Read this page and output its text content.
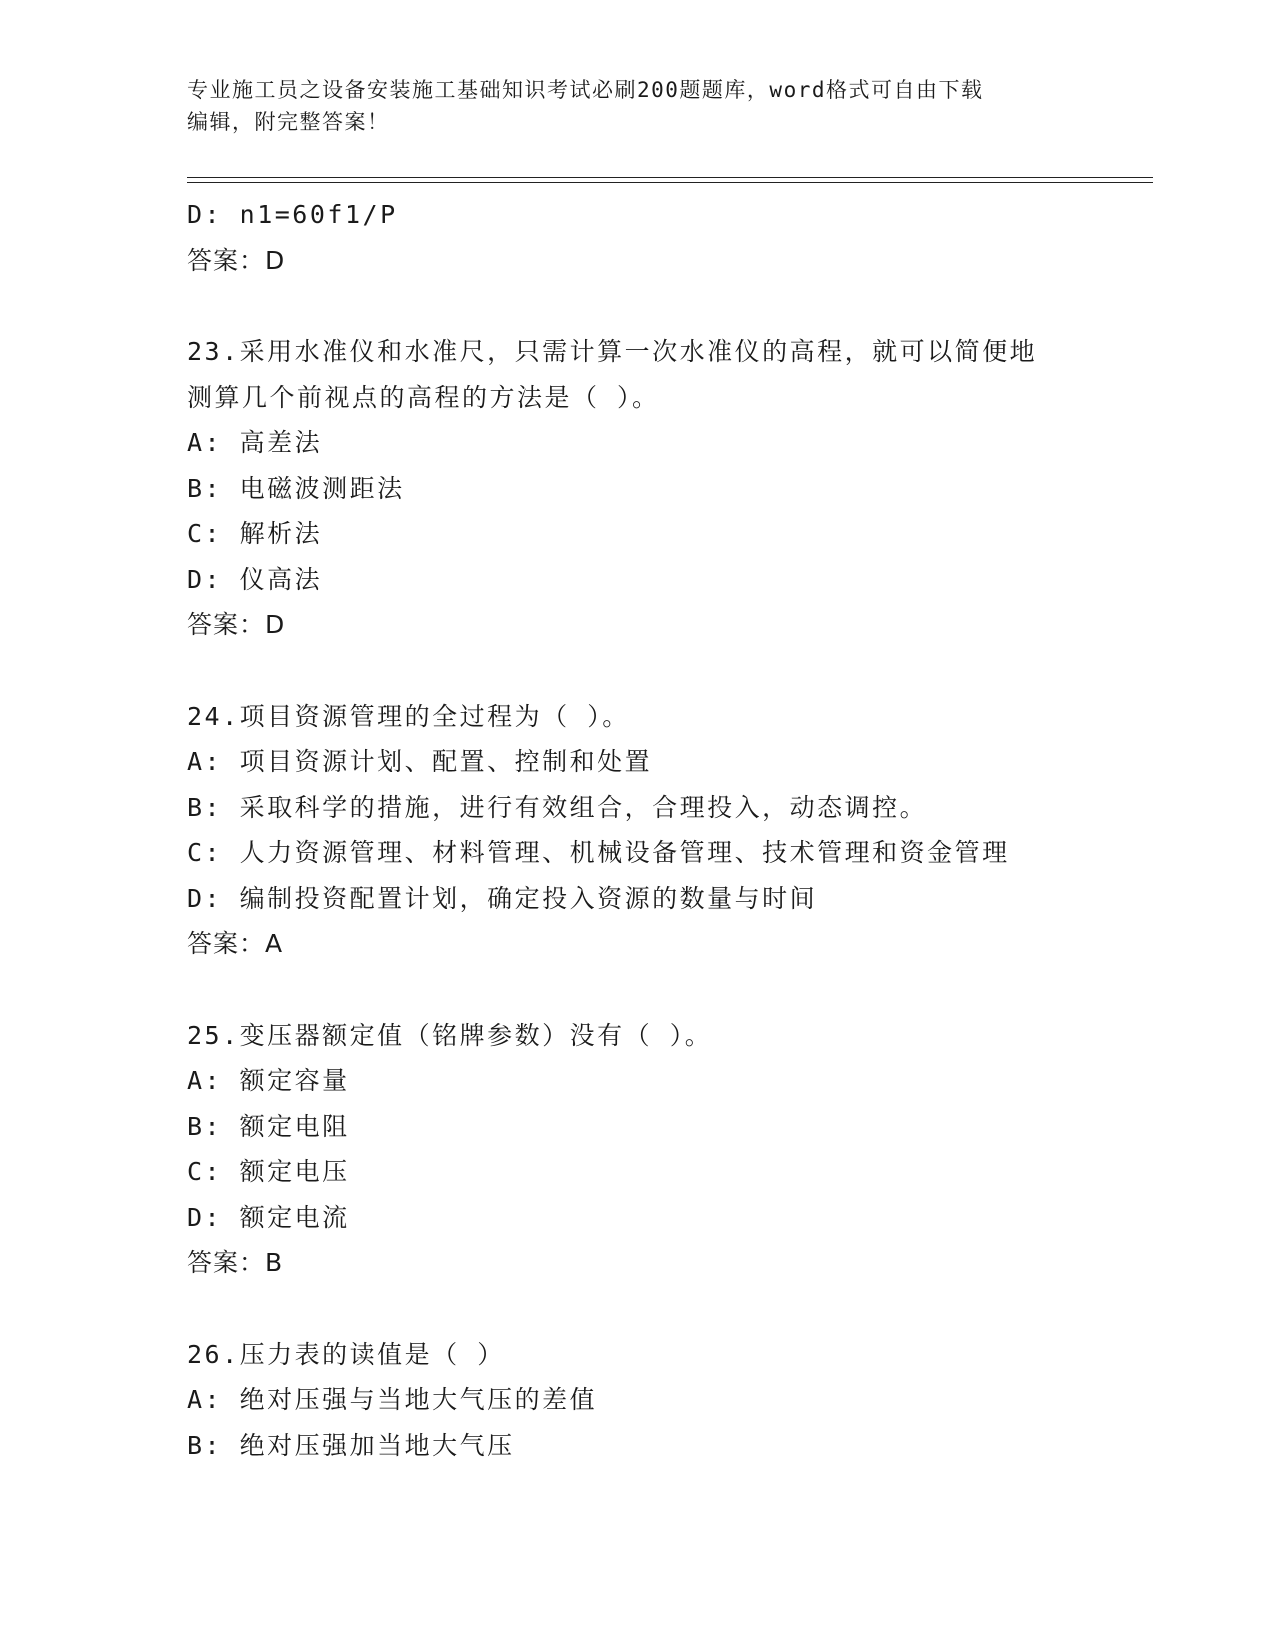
专业施工员之设备安装施工基础知识考试必刷200题题库，word格式可自由下载
编辑，附完整答案！
D: n1=60f1/P
答案：D
23.采用水准仪和水准尺，只需计算一次水准仪的高程，就可以简便地
测算几个前视点的高程的方法是（ ）。
A: 高差法
B: 电磁波测距法
C: 解析法
D: 仪高法
答案：D
24.项目资源管理的全过程为（ ）。
A: 项目资源计划、配置、控制和处置
B: 采取科学的措施，进行有效组合，合理投入，动态调控。
C: 人力资源管理、材料管理、机械设备管理、技术管理和资金管理
D: 编制投资配置计划，确定投入资源的数量与时间
答案：A
25.变压器额定值（铭牌参数）没有（ ）。
A: 额定容量
B: 额定电阻
C: 额定电压
D: 额定电流
答案：B
26.压力表的读值是（ ）
A: 绝对压强与当地大气压的差值
B: 绝对压强加当地大气压
